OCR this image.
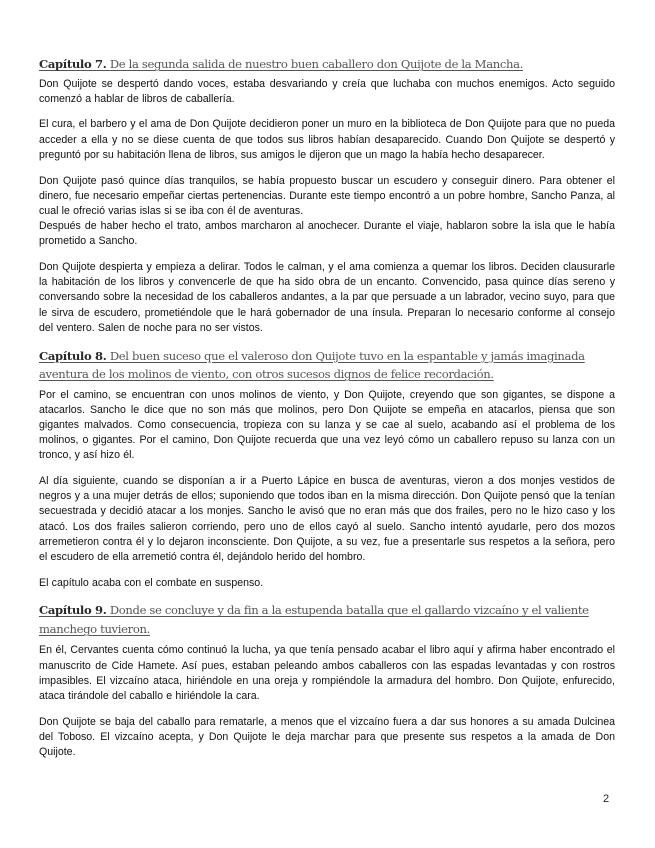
Capítulo 7. De la segunda salida de nuestro buen caballero don Quijote de la Mancha.
Don Quijote se despertó dando voces, estaba desvariando y creía que luchaba con muchos enemigos. Acto seguido comenzó a hablar de libros de caballería.
El cura, el barbero y el ama de Don Quijote decidieron poner un muro en la biblioteca de Don Quijote para que no pueda acceder a ella y no se diese cuenta de que todos sus libros habían desaparecido. Cuando Don Quijote se despertó y preguntó por su habitación llena de libros, sus amigos le dijeron que un mago la había hecho desaparecer.
Don Quijote pasó quince días tranquilos, se había propuesto buscar un escudero y conseguir dinero. Para obtener el dinero, fue necesario empeñar ciertas pertenencias. Durante este tiempo encontró a un pobre hombre, Sancho Panza, al cual le ofreció varias islas si se iba con él de aventuras.
Después de haber hecho el trato, ambos marcharon al anochecer. Durante el viaje, hablaron sobre la isla que le había prometido a Sancho.
Don Quijote despierta y empieza a delirar. Todos le calman, y el ama comienza a quemar los libros. Deciden clausurarle la habitación de los libros y convencerle de que ha sido obra de un encanto. Convencido, pasa quince días sereno y conversando sobre la necesidad de los caballeros andantes, a la par que persuade a un labrador, vecino suyo, para que le sirva de escudero, prometiéndole que le hará gobernador de una ínsula. Preparan lo necesario conforme al consejo del ventero. Salen de noche para no ser vistos.
Capítulo 8. Del buen suceso que el valeroso don Quijote tuvo en la espantable y jamás imaginada aventura de los molinos de viento, con otros sucesos dignos de felice recordación.
Por el camino, se encuentran con unos molinos de viento, y Don Quijote, creyendo que son gigantes, se dispone a atacarlos. Sancho le dice que no son más que molinos, pero Don Quijote se empeña en atacarlos, piensa que son gigantes malvados. Como consecuencia, tropieza con su lanza y se cae al suelo, acabando así el problema de los molinos, o gigantes. Por el camino, Don Quijote recuerda que una vez leyó cómo un caballero repuso su lanza con un tronco, y así hizo él.
Al día siguiente, cuando se disponían a ir a Puerto Lápice en busca de aventuras, vieron a dos monjes vestidos de negros y a una mujer detrás de ellos; suponiendo que todos iban en la misma dirección. Don Quijote pensó que la tenían secuestrada y decidió atacar a los monjes. Sancho le avisó que no eran más que dos frailes, pero no le hizo caso y los atacó. Los dos frailes salieron corriendo, pero uno de ellos cayó al suelo. Sancho intentó ayudarle, pero dos mozos arremetieron contra él y lo dejaron inconsciente. Don Quijote, a su vez, fue a presentarle sus respetos a la señora, pero el escudero de ella arremetió contra él, dejándolo herido del hombro.
El capítulo acaba con el combate en suspenso.
Capítulo 9. Donde se concluye y da fin a la estupenda batalla que el gallardo vizcaíno y el valiente manchego tuvieron.
En él, Cervantes cuenta cómo continuó la lucha, ya que tenía pensado acabar el libro aquí y afirma haber encontrado el manuscrito de Cide Hamete. Así pues, estaban peleando ambos caballeros con las espadas levantadas y con rostros impasibles. El vizcaíno ataca, hiriéndole en una oreja y rompiéndole la armadura del hombro. Don Quijote, enfurecido, ataca tirándole del caballo e hiriéndole la cara.
Don Quijote se baja del caballo para rematarle, a menos que el vizcaíno fuera a dar sus honores a su amada Dulcinea del Toboso. El vizcaíno acepta, y Don Quijote le deja marchar para que presente sus respetos a la amada de Don Quijote.
2
